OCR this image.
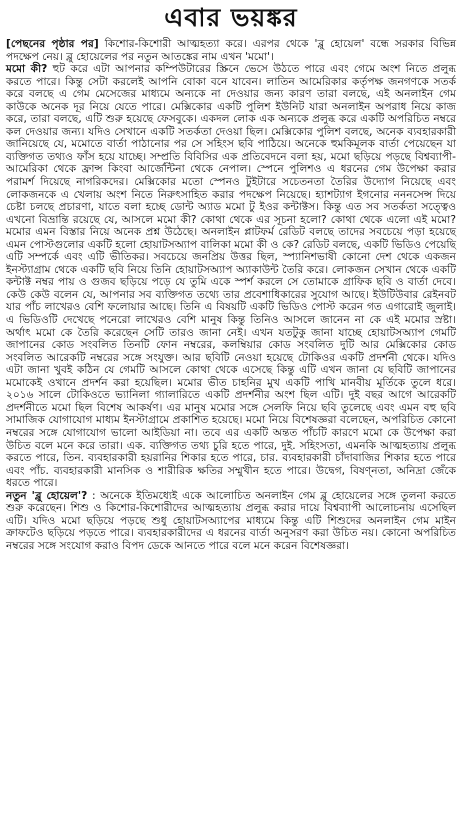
এবার ভয়ঙ্কর

[পেছনের পৃষ্ঠার পর] কিশোর-কিশোরী আত্মহত্যা করে। এরপর থেকে 'ব্লু হোয়েল' বন্ধে সরকার বিভিন্ন পদক্ষেপ নেয়। ব্লু হোয়েলের পর নতুন আতঙ্কের নাম এখন 'মমো'।

মমো কী? হুট করে এটা আপনার কম্পিউটারের স্ক্রিনে ভেসে উঠতে পারে এবং গেমে অংশ নিতে প্রলুব্ধ করতে পারে। কিন্তু সেটা করলেই আপনি বোকা বনে যাবেন। লাতিন আমেরিকার কর্তৃপক্ষ জনগণকে সতর্ক করে বলছে এ গেম মেসেজের মাধ্যমে অন্যকে না দেওয়ার জন্য কারণ তারা বলছে, এই অনলাইন গেম কাউকে অনেক দূর নিয়ে যেতে পারে। মেক্সিকোর একটি পুলিশ ইউনিট যারা অনলাইন অপরাধ নিয়ে কাজ করে, তারা বলছে, এটি শুরু হয়েছে ফেসবুকে। একদল লোক এক অন্যকে প্রলুব্ধ করে একটি অপরিচিত নম্বরে কল দেওয়ার জন্য। যদিও সেখানে একটি সতর্কতা দেওয়া ছিল। মেক্সিকোর পুলিশ বলছে, অনেক ব্যবহারকারী জানিয়েছে যে, মমোতে বার্তা পাঠানোর পর সে সহিংস ছবি পাঠিয়ে। অনেকে হুমকিমূলক বার্তা পেয়েছেন যা ব্যক্তিগত তথ্যও ফাঁস হয়ে যাচ্ছে। সম্প্রতি বিবিসির এক প্রতিবেদনে বলা হয়, মমো ছড়িয়ে পড়ছে বিশ্বব্যাপী-আমেরিকা থেকে ফ্রান্স কিংবা আর্জেন্টিনা থেকে নেপাল। স্পেনে পুলিশও এ ধরনের গেম উপেক্ষা করার পরামর্শ দিয়েছে নাগরিকদের। মেক্সিকোর মতো স্পেনও টুইটারে সচেতনতা তৈরির উদ্যোগ নিয়েছে এবং লোকজনকে এ খেলায় অংশ নিতে নিরুৎসাহিত করার পদক্ষেপ নিয়েছে। হ্যাশট্যাগ ইগনোর নননসেন্স দিয়ে চেষ্টা চলছে প্রচারণা, যাতে বলা হচ্ছে ডোন্ট অ্যাড মমো টু ইওর কন্টাক্টস। কিন্তু এত সব সতর্কতা সত্ত্বেও এখনো বিভ্রান্তি রয়েছে যে, আসলে মমো কী? কোথা থেকে এর সূচনা হলো? কোথা থেকে এলো এই মমো? মমোর এমন বিস্তার নিয়ে অনেক প্রশ্ন উঠেছে। অনলাইন প্লাটফর্ম রেডিট বলছে তাদের সবচেয়ে পড়া হয়েছে এমন পোস্টগুলোর একটি হলো হোয়াটসঅ্যাপ বালিকা মমো কী ও কে? রেডিট বলছে, একটি ভিডিও পেয়েছি এটি সম্পর্কে এবং এটি ভীতিকর। সবচেয়ে জনপ্রিয় উত্তর ছিল, স্প্যানিশভাষী কোনো দেশ থেকে একজন ইনস্ট্যাগ্রাম থেকে একটি ছবি নিয়ে তিনি হোয়াটসঅ্যাপ অ্যাকাউন্ট তৈরি করে। লোকজন সেখান থেকে একটি কন্টাক্ট নম্বর পায় ও গুজব ছড়িয়ে পড়ে যে তুমি একে স্পর্শ করলে সে তোমাকে গ্রাফিক ছবি ও বার্তা দেবে। কেউ কেউ বলেন যে, আপনার সব ব্যক্তিগত তথ্যে তার প্রবেশাধিকারের সুযোগ আছে। ইউটিউবার রেইনবট যার পাঁচ লাখেরও বেশি ফলোয়ার আছে। তিনি এ বিষয়টি একটি ভিডিও পোস্ট করেন গত এগারোই জুলাই। এ ভিডিওটি দেখেছে পনেরো লাখেরও বেশি মানুষ কিন্তু তিনিও আসলে জানেন না কে এই মমোর স্রষ্টা। অর্থাৎ মমো কে তৈরি করেছেন সেটি তারও জানা নেই। এখন যতটুকু জানা যাচ্ছে হোয়াটসঅ্যাপ গেমটি জাপানের কোড সংবলিত তিনটি ফোন নম্বরের, কলম্বিয়ার কোড সংবলিত দুটি আর মেক্সিকোর কোড সংবলিত আরেকটি নম্বরের সঙ্গে সংযুক্ত। আর ছবিটি নেওয়া হয়েছে টোকিওর একটি প্রদর্শনী থেকে। যদিও এটা জানা খুবই কঠিন যে গেমটি আসলে কোথা থেকে এসেছে কিন্তু এটি এখন জানা যে ছবিটি জাপানের মমোকেই ওখানে প্রদর্শন করা হয়েছিল। মমোর ভীত চাহনির মুখ একটি পাখি মানবীয় মূর্তিকে তুলে ধরে। ২০১৬ সালে টোকিওতে ভ্যানিলা গ্যালারিতে একটি প্রদর্শনীর অংশ ছিল এটি। দুই বছর আগে আরেকটি প্রদর্শনীতে মমো ছিল বিশেষ আকর্ষণ। এর মানুষ মমোর সঙ্গে সেলফি নিয়ে ছবি তুলেছে এবং এমন বহু ছবি সামাজিক যোগাযোগ মাধ্যম ইনস্টাগ্রামে প্রকাশিত হয়েছে। মমো নিয়ে বিশেষজ্ঞরা বলেছেন, অপরিচিত কোনো নম্বরের সঙ্গে যোগাযোগ ভালো আইডিয়া না। তবে এর একটি অন্তত পাঁচটি কারণে মমো কে উপেক্ষা করা উচিত বলে মনে করে তারা। এক. ব্যক্তিগত তথ্য চুরি হতে পারে, দুই. সহিংসতা, এমনকি আত্মহত্যায় প্রলুব্ধ করতে পারে, তিন. ব্যবহারকারী হয়রানির শিকার হতে পারে, চার. ব্যবহারকারী চাঁদাবাজির শিকার হতে পারে এবং পাঁচ. ব্যবহারকারী মানসিক ও শারীরিক ক্ষতির সম্মুখীন হতে পারে। উদ্বেগ, বিষণ্নতা, অনিদ্রা জেঁকে ধরতে পারে।

নতুন 'ব্লু হোয়েল'? : অনেকে ইতিমধ্যেই একে আলোচিত অনলাইন গেম ব্লু হোয়েলের সঙ্গে তুলনা করতে শুরু করেছেন। শিশু ও কিশোর-কিশোরীদের আত্মহত্যায় প্রলুব্ধ করার দায়ে বিশ্বব্যাপী আলোচনায় এসেছিল এটি। যদিও মমো ছড়িয়ে পড়ছে শুধু হোয়াটসঅ্যাপের মাধ্যমে কিন্তু এটি শিশুদের অনলাইন গেম মাইন ক্রাফটেও ছড়িয়ে পড়তে পারে। ব্যবহারকারীদের এ ধরনের বার্তা অনুসরণ করা উচিত নয়। কোনো অপরিচিত নম্বরের সঙ্গে সংযোগ করাও বিপদ ডেকে আনতে পারে বলে মনে করেন বিশেষজ্ঞরা।
